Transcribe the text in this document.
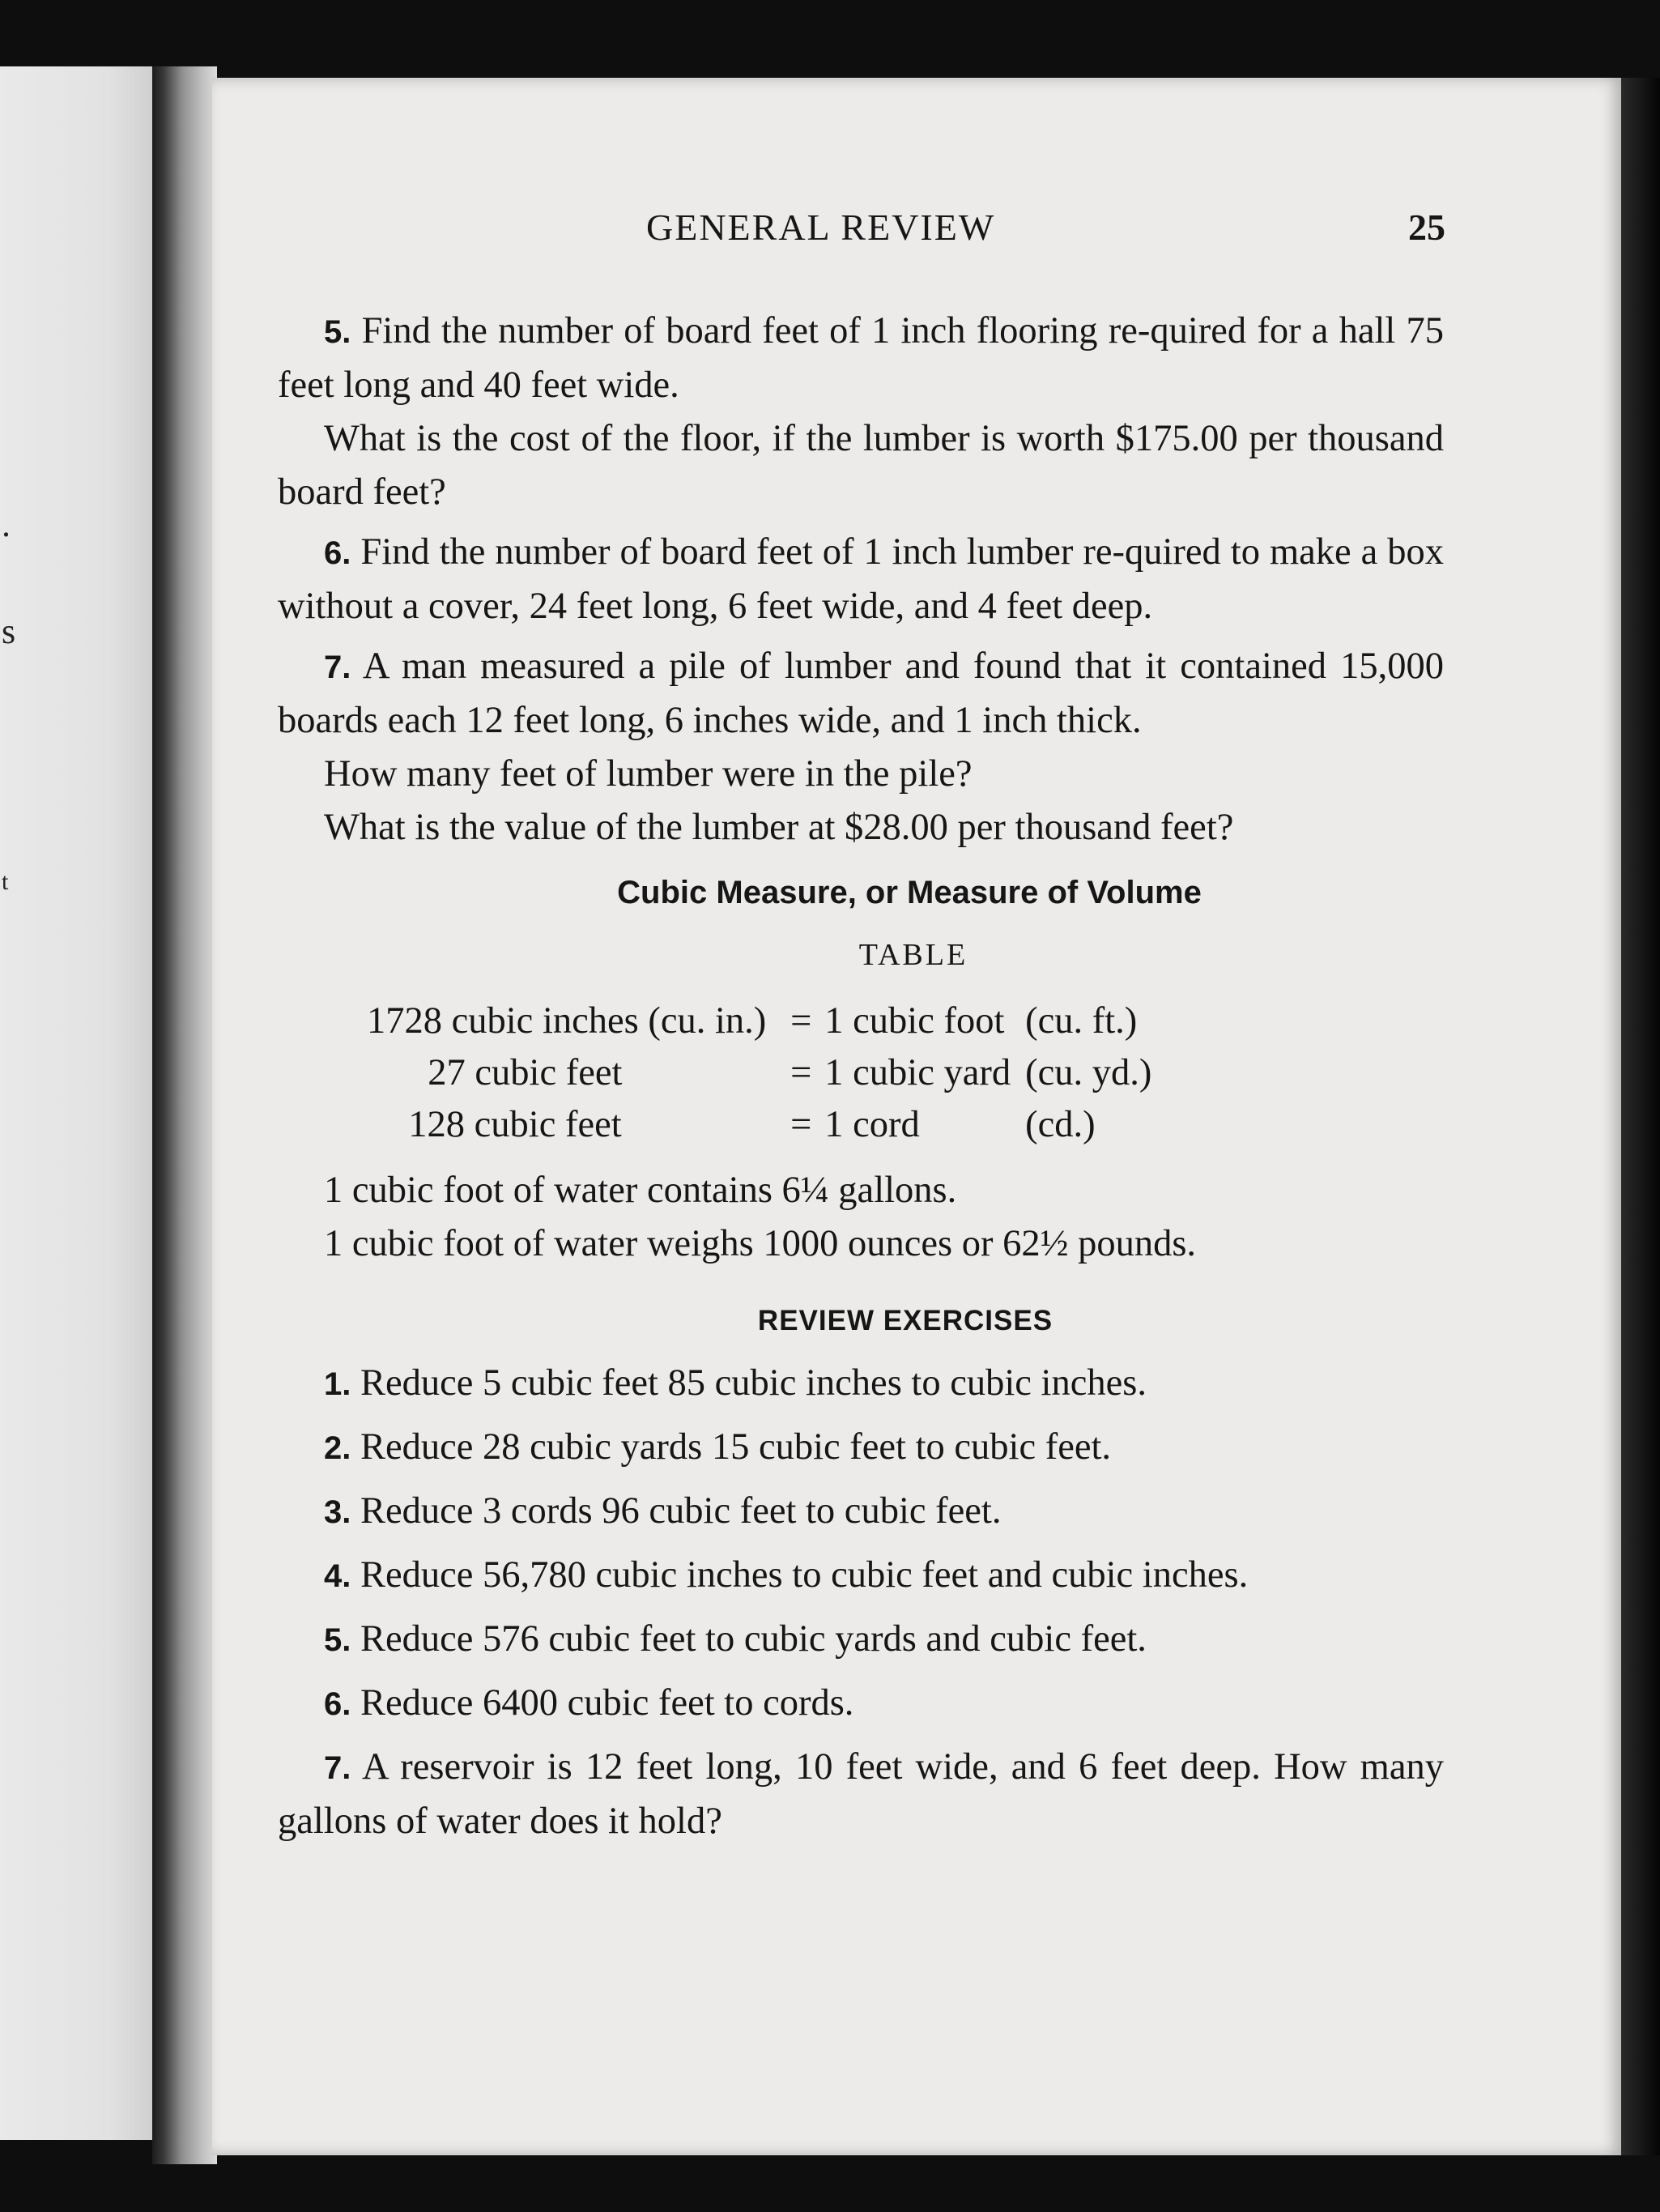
.
s
t
GENERAL REVIEW	25

5. Find the number of board feet of 1 inch flooring re-quired for a hall 75 feet long and 40 feet wide.

What is the cost of the floor, if the lumber is worth $175.00 per thousand board feet?

6. Find the number of board feet of 1 inch lumber re-quired to make a box without a cover, 24 feet long, 6 feet wide, and 4 feet deep.

7. A man measured a pile of lumber and found that it contained 15,000 boards each 12 feet long, 6 inches wide, and 1 inch thick.

How many feet of lumber were in the pile?

What is the value of the lumber at $28.00 per thousand feet?

Cubic Measure, or Measure of Volume
TABLE
1728 cubic inches (cu. in.)	=	1 cubic foot	(cu. ft.)
27 cubic feet	=	1 cubic yard	(cu. yd.)
128 cubic feet	=	1 cord	(cd.)

1 cubic foot of water contains 6¼ gallons.

1 cubic foot of water weighs 1000 ounces or 62½ pounds.

REVIEW EXERCISES

1. Reduce 5 cubic feet 85 cubic inches to cubic inches.

2. Reduce 28 cubic yards 15 cubic feet to cubic feet.

3. Reduce 3 cords 96 cubic feet to cubic feet.

4. Reduce 56,780 cubic inches to cubic feet and cubic inches.

5. Reduce 576 cubic feet to cubic yards and cubic feet.

6. Reduce 6400 cubic feet to cords.

7. A reservoir is 12 feet long, 10 feet wide, and 6 feet deep. How many gallons of water does it hold?
